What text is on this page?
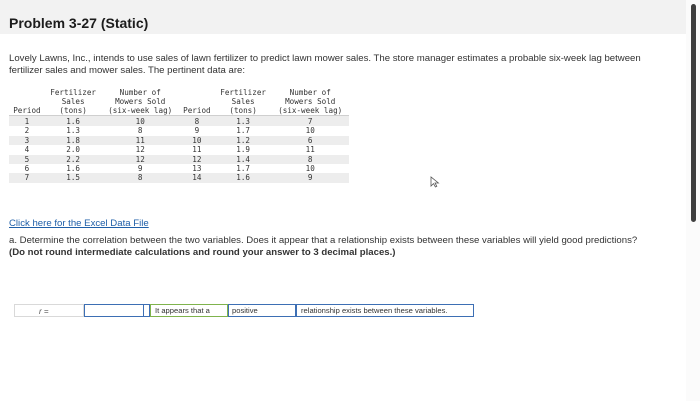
Problem 3-27 (Static)
Lovely Lawns, Inc., intends to use sales of lawn fertilizer to predict lawn mower sales. The store manager estimates a probable six-week lag between fertilizer sales and mower sales. The pertinent data are:
	Fertilizer	Number of		Fertilizer	Number of
	Sales	Mowers Sold		Sales	Mowers Sold
Period	(tons)	(six-week lag)	Period	(tons)	(six-week lag)
1	1.6	10	8	1.3	7
2	1.3	8	9	1.7	10
3	1.8	11	10	1.2	6
4	2.0	12	11	1.9	11
5	2.2	12	12	1.4	8
6	1.6	9	13	1.7	10
7	1.5	8	14	1.6	9
Click here for the Excel Data File
a. Determine the correlation between the two variables. Does it appear that a relationship exists between these variables will yield good predictions? (Do not round intermediate calculations and round your answer to 3 decimal places.)
r =	It appears that a	positive	relationship exists between these variables.
